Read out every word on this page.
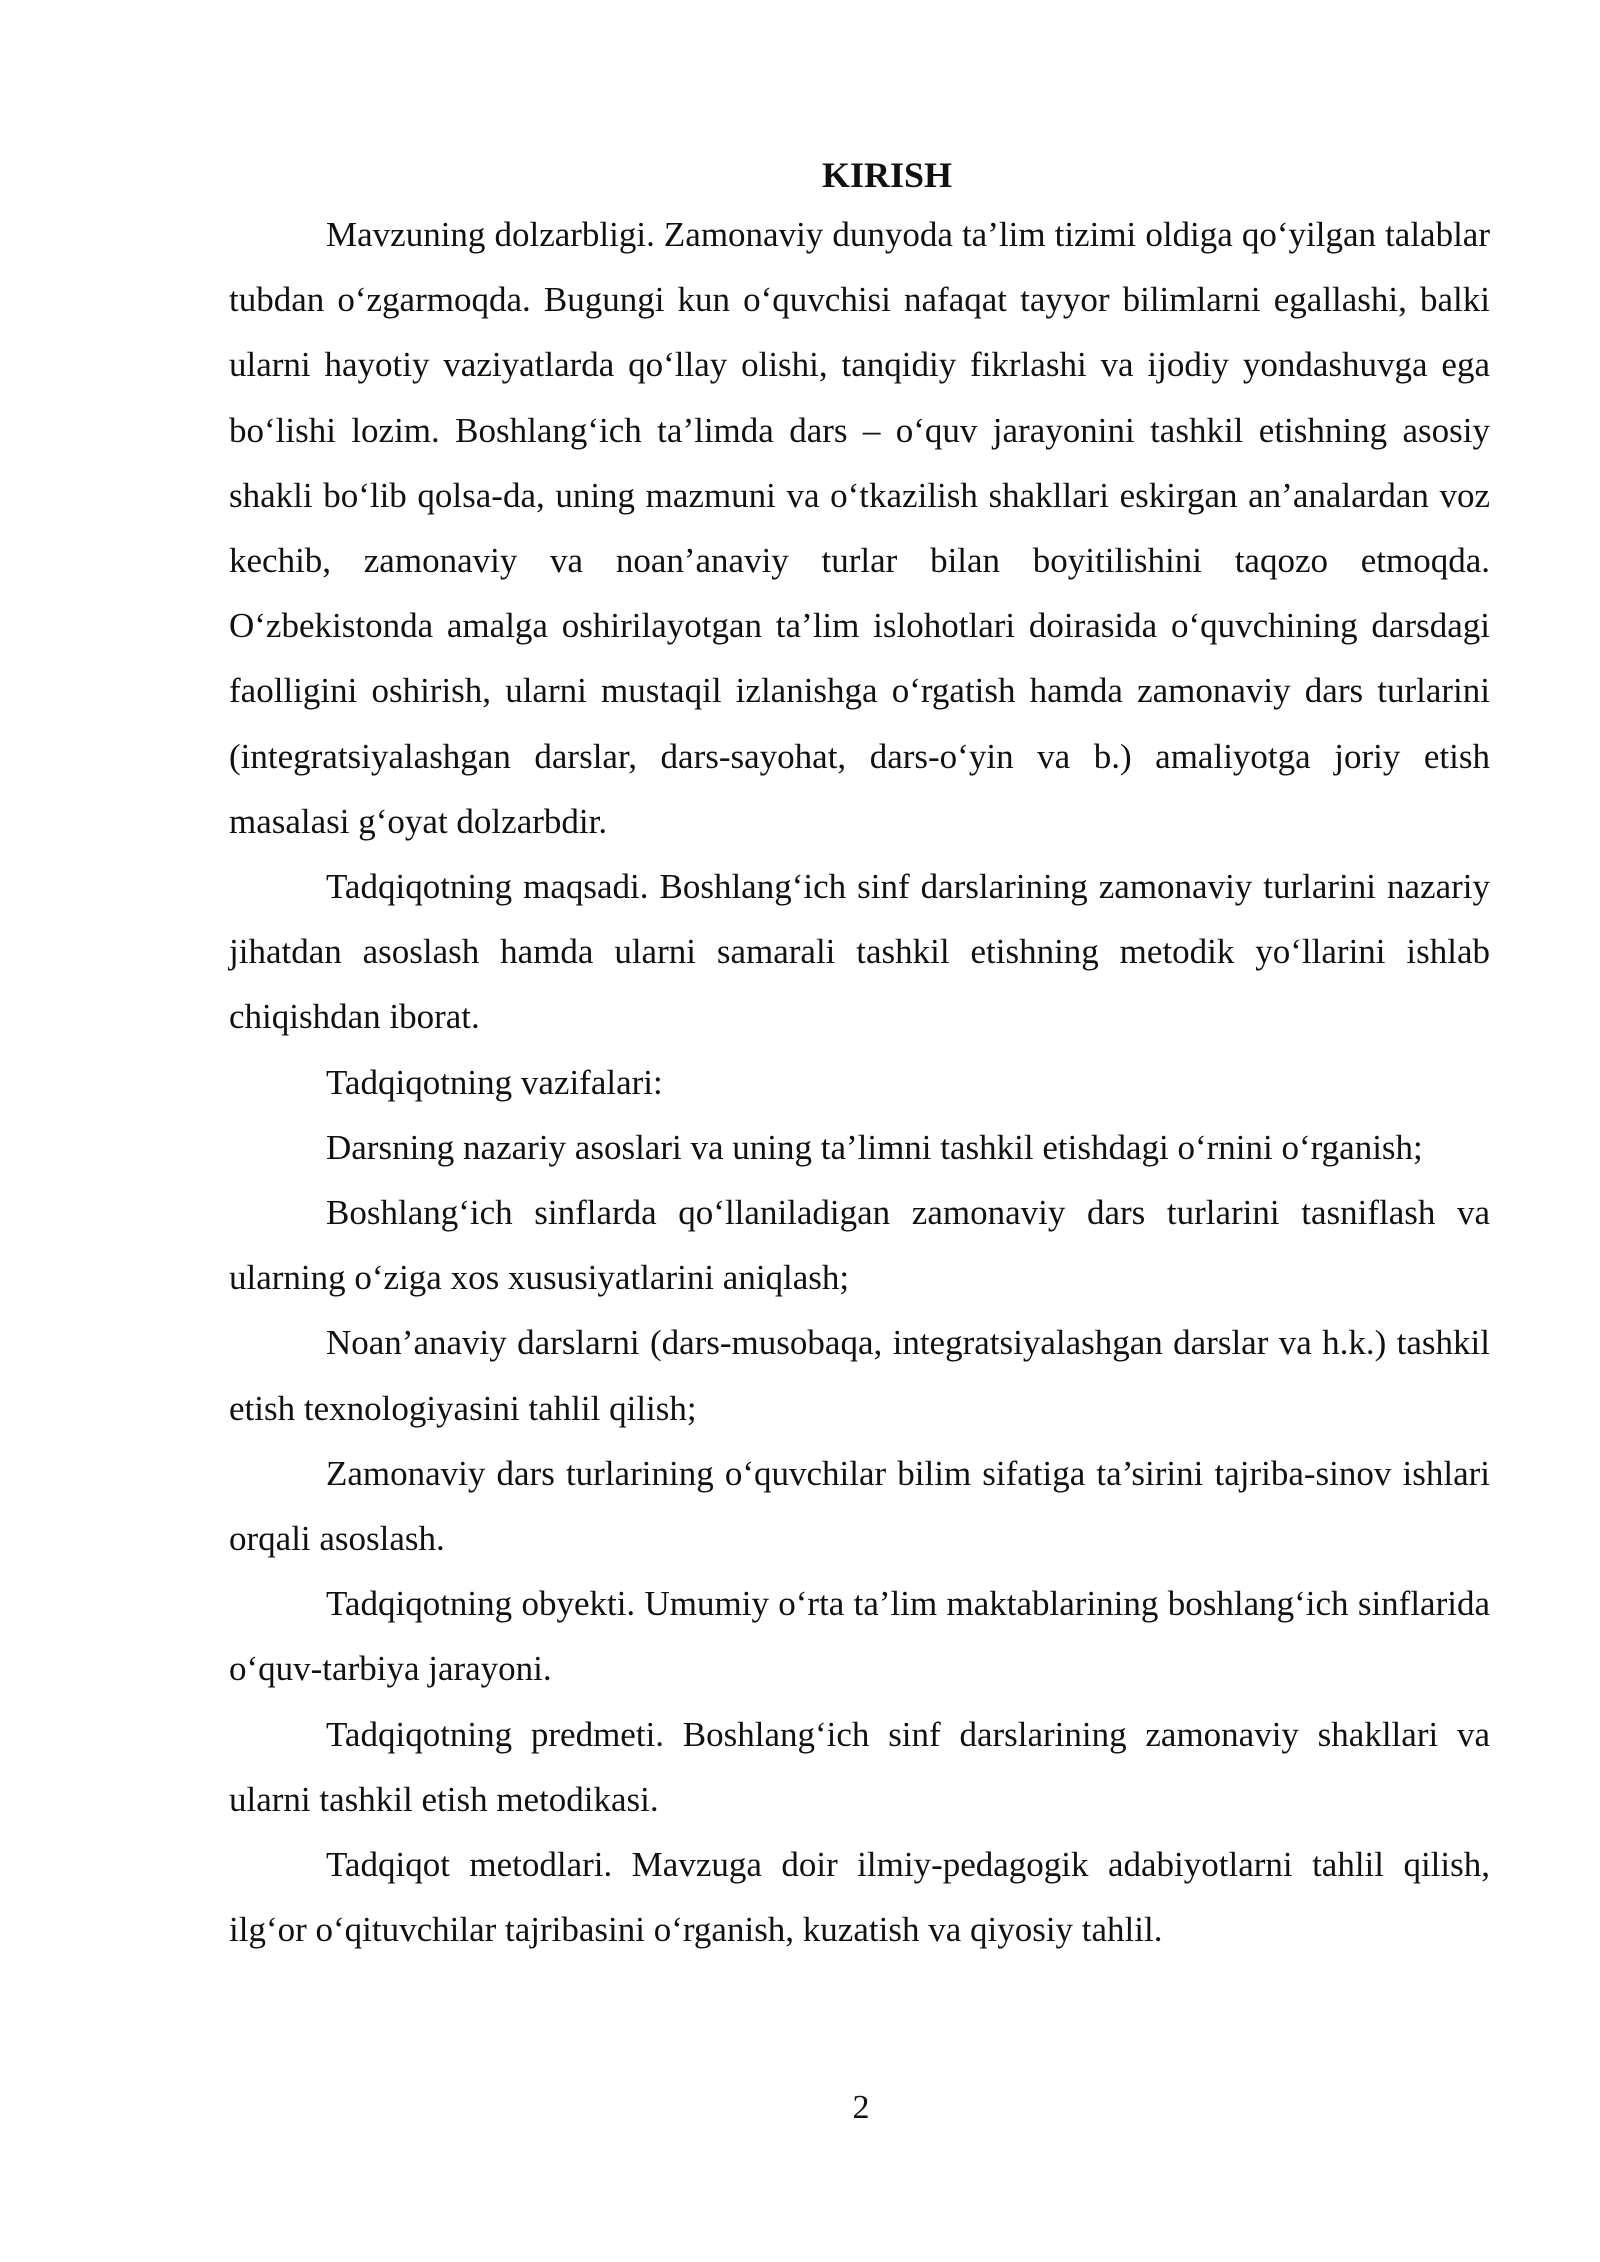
KIRISH

Mavzuning dolzarbligi. Zamonaviy dunyoda ta’lim tizimi oldiga qo‘yilgan talablar tubdan o‘zgarmoqda. Bugungi kun o‘quvchisi nafaqat tayyor bilimlarni egallashi, balki ularni hayotiy vaziyatlarda qo‘llay olishi, tanqidiy fikrlashi va ijodiy yondashuvga ega bo‘lishi lozim. Boshlang‘ich ta’limda dars – o‘quv jarayonini tashkil etishning asosiy shakli bo‘lib qolsa-da, uning mazmuni va o‘tkazilish shakllari eskirgan an’analardan voz kechib, zamonaviy va noan’anaviy turlar bilan boyitilishini taqozo etmoqda. O‘zbekistonda amalga oshirilayotgan ta’lim islohotlari doirasida o‘quvchining darsdagi faolligini oshirish, ularni mustaqil izlanishga o‘rgatish hamda zamonaviy dars turlarini (integratsiyalashgan darslar, dars-sayohat, dars-o‘yin va b.) amaliyotga joriy etish masalasi g‘oyat dolzarbdir.

Tadqiqotning maqsadi. Boshlang‘ich sinf darslarining zamonaviy turlarini nazariy jihatdan asoslash hamda ularni samarali tashkil etishning metodik yo‘llarini ishlab chiqishdan iborat.

Tadqiqotning vazifalari:

Darsning nazariy asoslari va uning ta’limni tashkil etishdagi o‘rnini o‘rganish;

Boshlang‘ich sinflarda qo‘llaniladigan zamonaviy dars turlarini tasniflash va ularning o‘ziga xos xususiyatlarini aniqlash;

Noan’anaviy darslarni (dars-musobaqa, integratsiyalashgan darslar va h.k.) tashkil etish texnologiyasini tahlil qilish;

Zamonaviy dars turlarining o‘quvchilar bilim sifatiga ta’sirini tajriba-sinov ishlari orqali asoslash.

Tadqiqotning obyekti. Umumiy o‘rta ta’lim maktablarining boshlang‘ich sinflarida o‘quv-tarbiya jarayoni.

Tadqiqotning predmeti. Boshlang‘ich sinf darslarining zamonaviy shakllari va ularni tashkil etish metodikasi.

Tadqiqot metodlari. Mavzuga doir ilmiy-pedagogik adabiyotlarni tahlil qilish, ilg‘or o‘qituvchilar tajribasini o‘rganish, kuzatish va qiyosiy tahlil.

2
